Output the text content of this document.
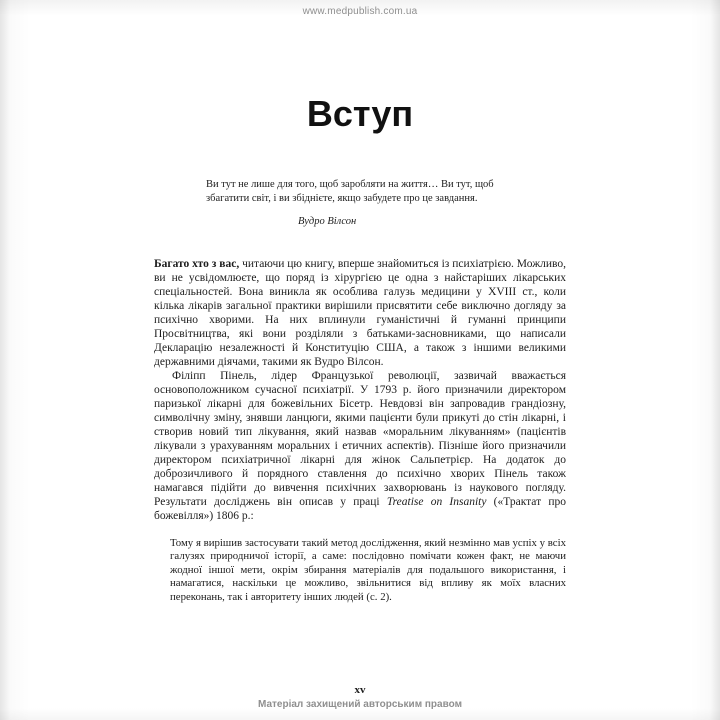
www.medpublish.com.ua
Вступ

Ви тут не лише для того, щоб заробляти на життя… Ви тут, щоб збагатити світ, і ви збіднієте, якщо забудете про це завдання.

Вудро Вілсон

Багато хто з вас, читаючи цю книгу, вперше знайомиться із психіатрією. Можливо, ви не усвідомлюєте, що поряд із хірургією це одна з найстаріших лікарських спеціальностей. Вона виникла як особлива галузь медицини у XVIII ст., коли кілька лікарів загальної практики вирішили присвятити себе виключно догляду за психічно хворими. На них вплинули гуманістичні й гуманні принципи Просвітництва, які вони розділяли з батьками-засновниками, що написали Декларацію незалежності й Конституцію США, а також з іншими великими державними діячами, такими як Вудро Вілсон.

Філіпп Пінель, лідер Французької революції, зазвичай вважається основоположником сучасної психіатрії. У 1793 р. його призначили директором паризької лікарні для божевільних Бісетр. Невдовзі він запровадив грандіозну, символічну зміну, знявши ланцюги, якими пацієнти були прикуті до стін лікарні, і створив новий тип лікування, який назвав «моральним лікуванням» (пацієнтів лікували з урахуванням моральних і етичних аспектів). Пізніше його призначили директором психіатричної лікарні для жінок Сальпетрієр. На додаток до доброзичливого й порядного ставлення до психічно хворих Пінель також намагався підійти до вивчення психічних захворювань із наукового погляду. Результати досліджень він описав у праці Treatise on Insanity («Трактат про божевілля») 1806 р.:

Тому я вирішив застосувати такий метод дослідження, який незмінно мав успіх у всіх галузях природничої історії, а саме: послідовно помічати кожен факт, не маючи жодної іншої мети, окрім збирання матеріалів для подальшого використання, і намагатися, наскільки це можливо, звільнитися від впливу як моїх власних переконань, так і авторитету інших людей (с. 2).
xv
Матеріал захищений авторським правом
